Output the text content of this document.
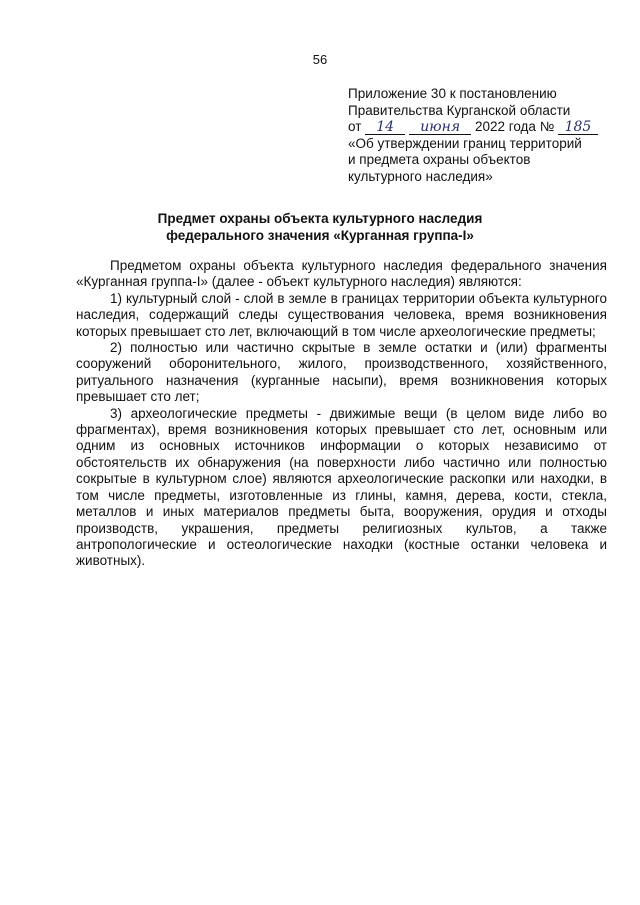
56
Приложение 30 к постановлению
Правительства Курганской области
от 14 июня 2022 года № 185
«Об утверждении границ территорий
и предмета охраны объектов
культурного наследия»
Предмет охраны объекта культурного наследия
федерального значения «Курганная группа-I»

Предметом охраны объекта культурного наследия федерального значения «Курганная группа-I» (далее - объект культурного наследия) являются:

1) культурный слой - слой в земле в границах территории объекта культурного наследия, содержащий следы существования человека, время возникновения которых превышает сто лет, включающий в том числе археологические предметы;

2) полностью или частично скрытые в земле остатки и (или) фрагменты сооружений оборонительного, жилого, производственного, хозяйственного, ритуального назначения (курганные насыпи), время возникновения которых превышает сто лет;

3) археологические предметы - движимые вещи (в целом виде либо во фрагментах), время возникновения которых превышает сто лет, основным или одним из основных источников информации о которых независимо от обстоятельств их обнаружения (на поверхности либо частично или полностью сокрытые в культурном слое) являются археологические раскопки или находки, в том числе предметы, изготовленные из глины, камня, дерева, кости, стекла, металлов и иных материалов предметы быта, вооружения, орудия и отходы производств, украшения, предметы религиозных культов, а также антропологические и остеологические находки (костные останки человека и животных).
